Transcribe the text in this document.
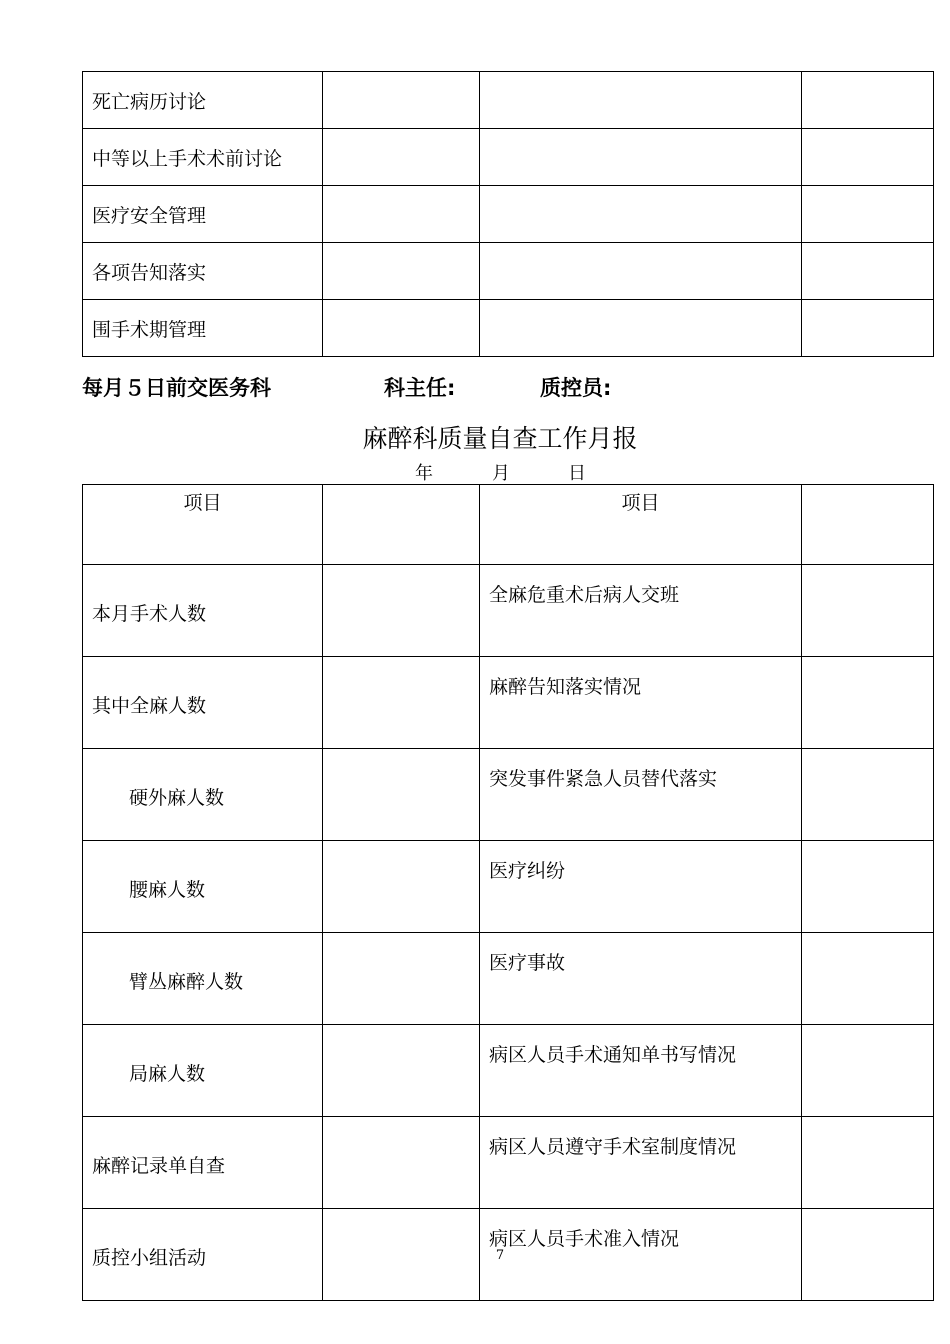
死亡病历讨论			
中等以上手术术前讨论			
医疗安全管理			
各项告知落实			
围手术期管理			
每月５日前交医务科	科主任:	质控员:
麻醉科质量自查工作月报
年	月	日
项目		项目	
本月手术人数		全麻危重术后病人交班	
其中全麻人数		麻醉告知落实情况	
硬外麻人数		突发事件紧急人员替代落实	
腰麻人数		医疗纠纷	
臂丛麻醉人数		医疗事故	
局麻人数		病区人员手术通知单书写情况	
麻醉记录单自查		病区人员遵守手术室制度情况	
质控小组活动		病区人员手术准入情况	
7
